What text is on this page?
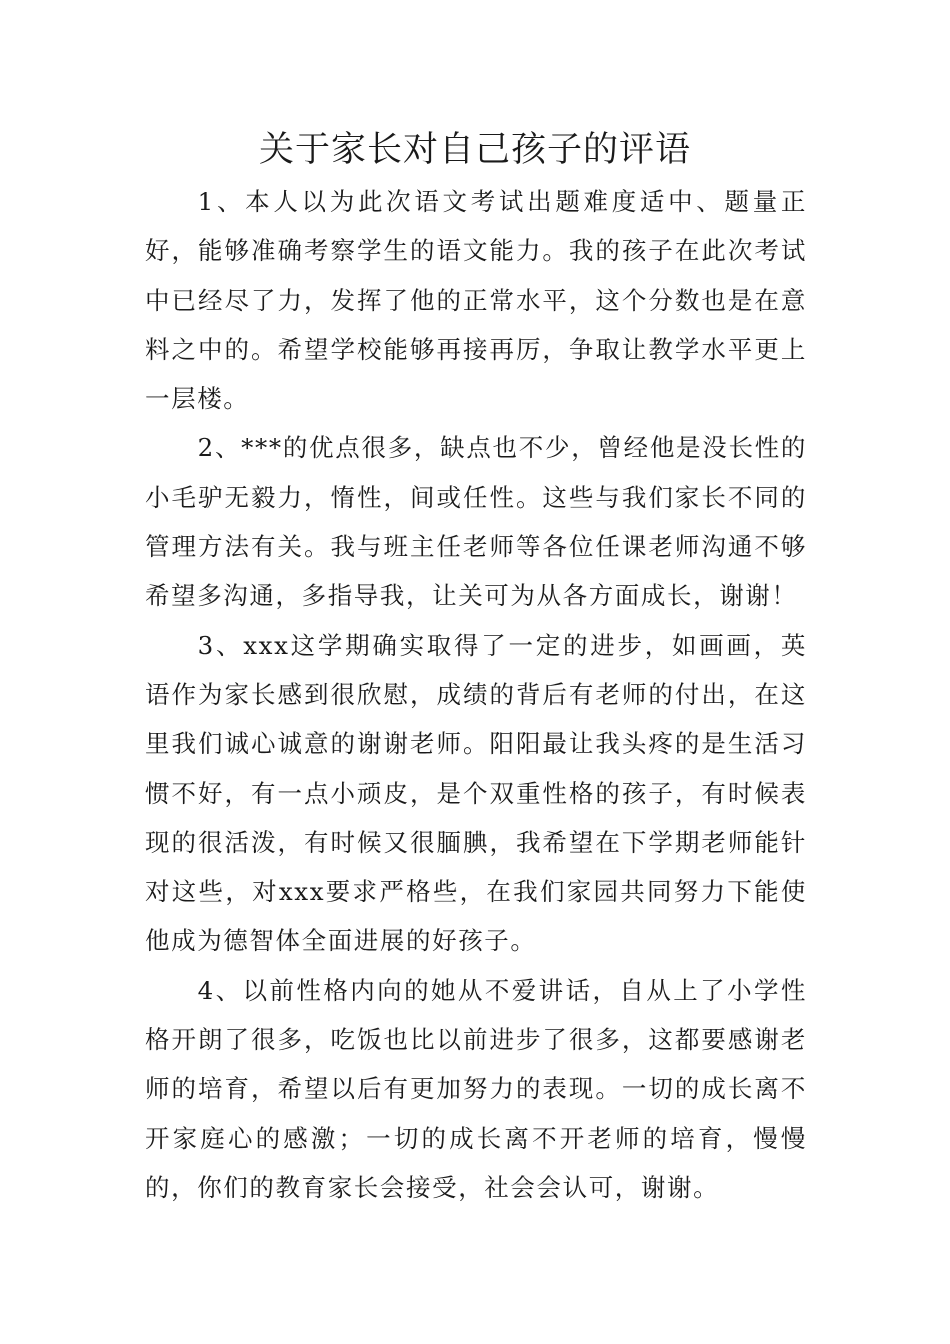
关于家长对自己孩子的评语

1、本人以为此次语文考试出题难度适中、题量正好，能够准确考察学生的语文能力。我的孩子在此次考试中已经尽了力，发挥了他的正常水平，这个分数也是在意料之中的。希望学校能够再接再厉，争取让教学水平更上一层楼。

2、***的优点很多，缺点也不少，曾经他是没长性的小毛驴无毅力，惰性，间或任性。这些与我们家长不同的管理方法有关。我与班主任老师等各位任课老师沟通不够希望多沟通，多指导我，让关可为从各方面成长，谢谢！

3、xxx这学期确实取得了一定的进步，如画画，英语作为家长感到很欣慰，成绩的背后有老师的付出，在这里我们诚心诚意的谢谢老师。阳阳最让我头疼的是生活习惯不好，有一点小顽皮，是个双重性格的孩子，有时候表现的很活泼，有时候又很腼腆，我希望在下学期老师能针对这些，对xxx要求严格些，在我们家园共同努力下能使他成为德智体全面进展的好孩子。

4、以前性格内向的她从不爱讲话，自从上了小学性格开朗了很多，吃饭也比以前进步了很多，这都要感谢老师的培育，希望以后有更加努力的表现。一切的成长离不开家庭心的感激；一切的成长离不开老师的培育，慢慢的，你们的教育家长会接受，社会会认可，谢谢。
